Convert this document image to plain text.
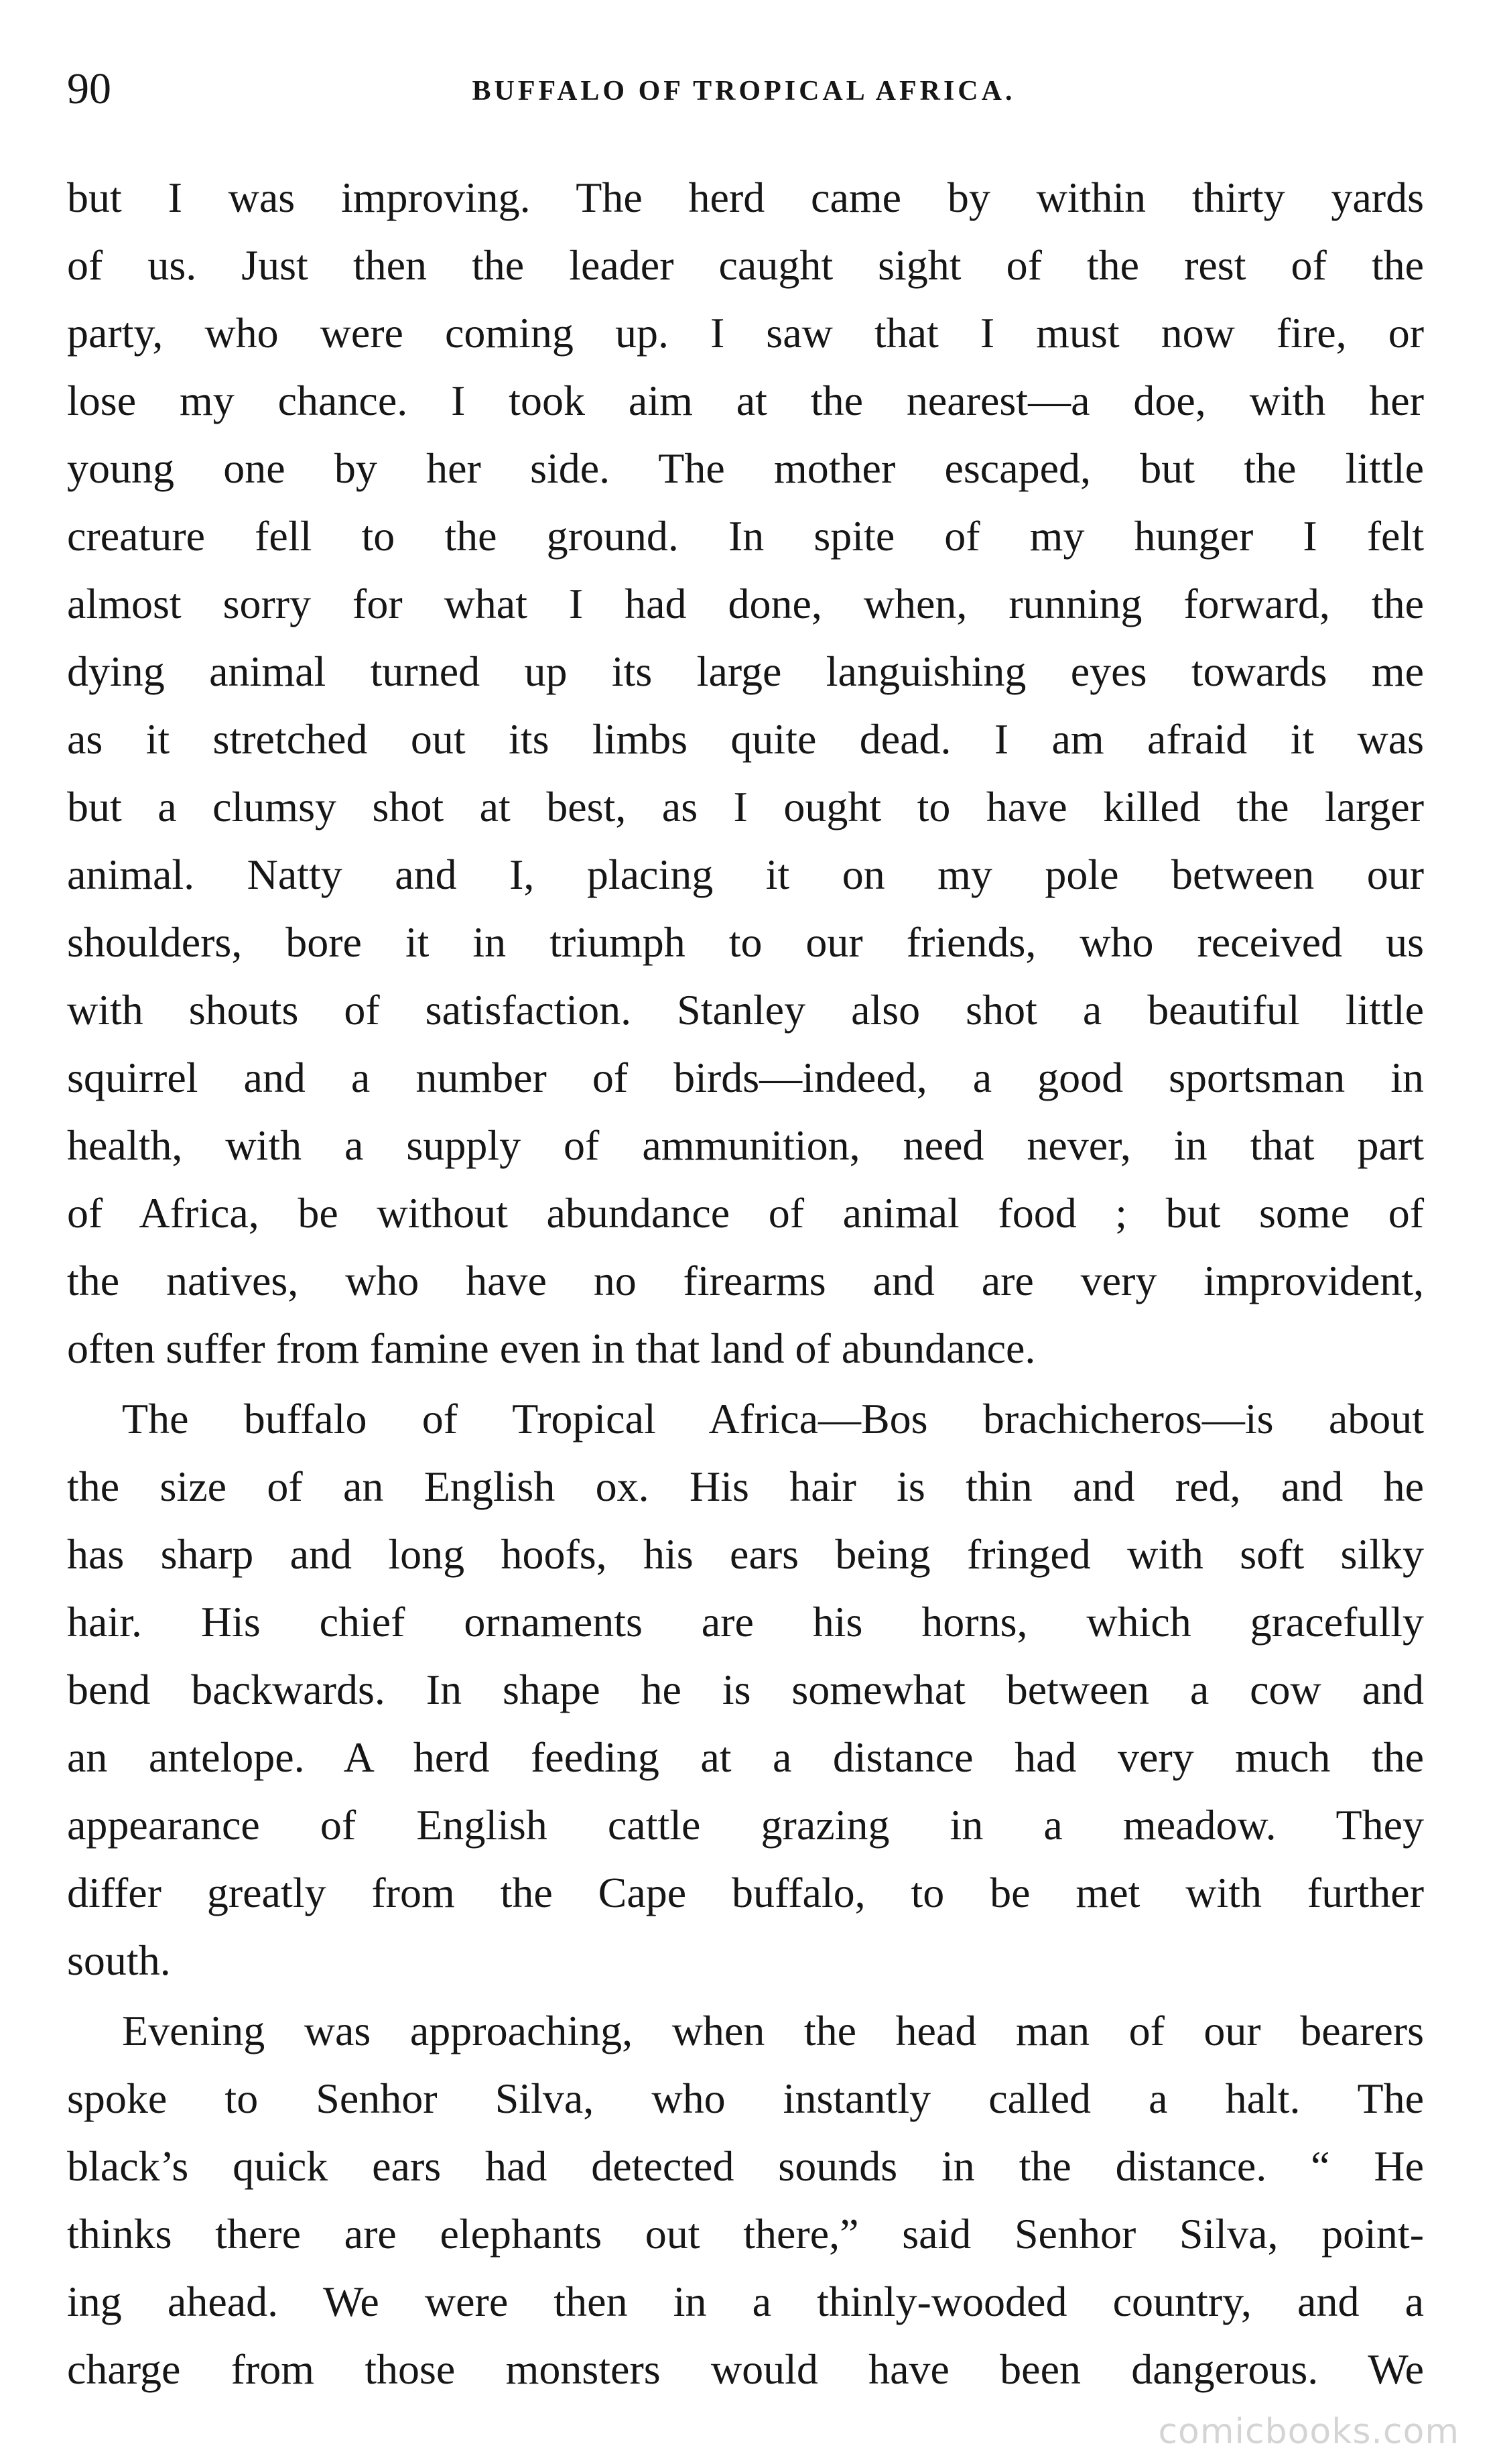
90	BUFFALO OF TROPICAL AFRICA.
but I was improving. The herd came by within thirty yards
of us. Just then the leader caught sight of the rest of the
party, who were coming up. I saw that I must now fire, or
lose my chance. I took aim at the nearest—a doe, with her
young one by her side. The mother escaped, but the little
creature fell to the ground. In spite of my hunger I felt
almost sorry for what I had done, when, running forward, the
dying animal turned up its large languishing eyes towards me
as it stretched out its limbs quite dead. I am afraid it was
but a clumsy shot at best, as I ought to have killed the larger
animal. Natty and I, placing it on my pole between our
shoulders, bore it in triumph to our friends, who received us
with shouts of satisfaction. Stanley also shot a beautiful little
squirrel and a number of birds—indeed, a good sportsman in
health, with a supply of ammunition, need never, in that part
of Africa, be without abundance of animal food ; but some of
the natives, who have no firearms and are very improvident,
often suffer from famine even in that land of abundance.
The buffalo of Tropical Africa—Bos brachicheros—is about
the size of an English ox. His hair is thin and red, and he
has sharp and long hoofs, his ears being fringed with soft silky
hair. His chief ornaments are his horns, which gracefully
bend backwards. In shape he is somewhat between a cow and
an antelope. A herd feeding at a distance had very much the
appearance of English cattle grazing in a meadow. They
differ greatly from the Cape buffalo, to be met with further
south.
Evening was approaching, when the head man of our bearers
spoke to Senhor Silva, who instantly called a halt. The
black’s quick ears had detected sounds in the distance. “ He
thinks there are elephants out there,” said Senhor Silva, point-
ing ahead. We were then in a thinly-wooded country, and a
charge from those monsters would have been dangerous. We
comicbooks.com
